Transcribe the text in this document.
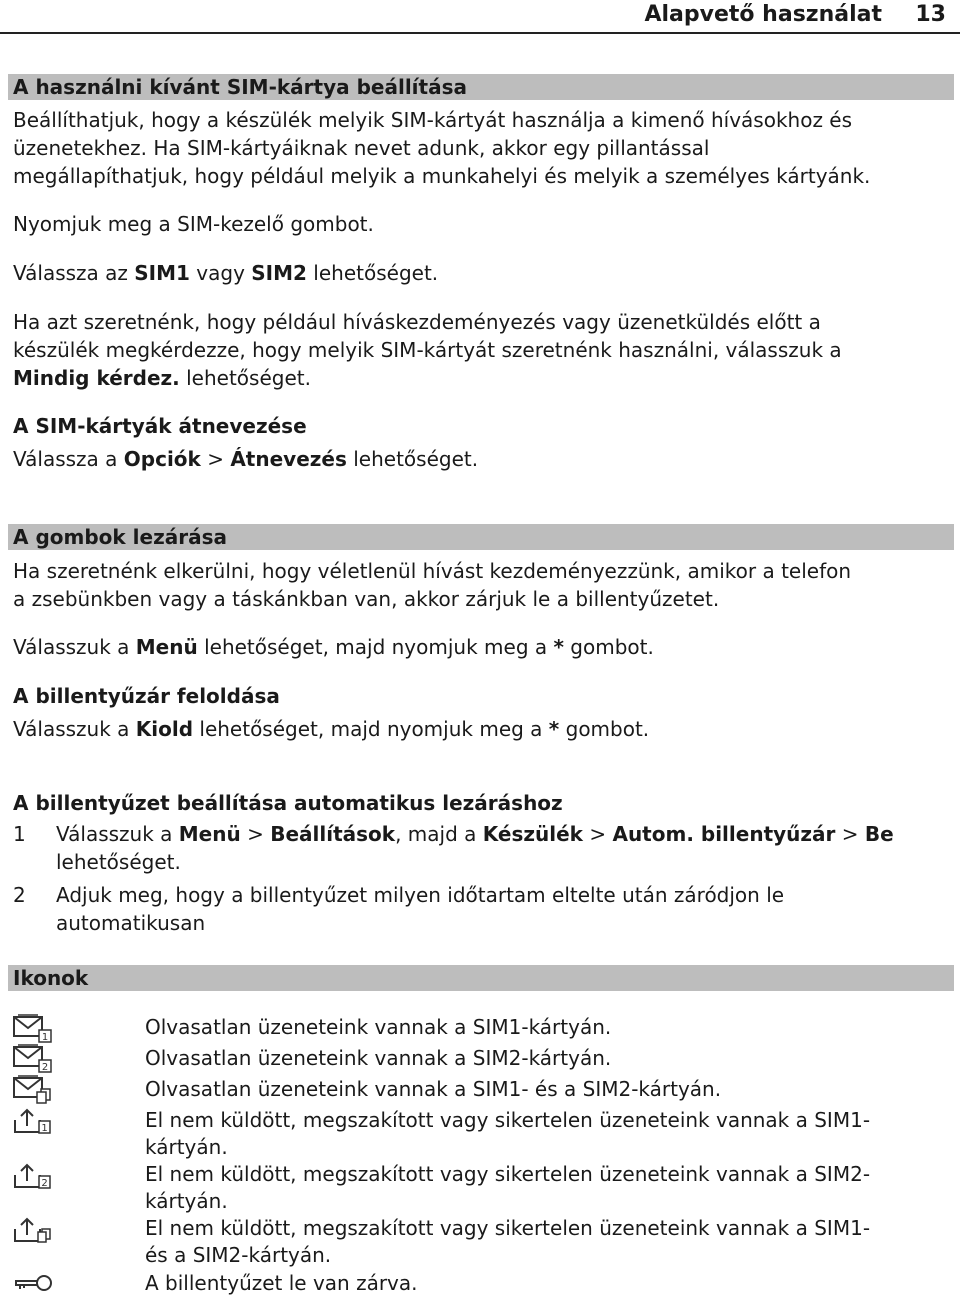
Alapvető használat 13
A használni kívánt SIM-kártya beállítása
Beállíthatjuk, hogy a készülék melyik SIM-kártyát használja a kimenő hívásokhoz és
üzenetekhez. Ha SIM-kártyáiknak nevet adunk, akkor egy pillantással
megállapíthatjuk, hogy például melyik a munkahelyi és melyik a személyes kártyánk.
Nyomjuk meg a SIM-kezelő gombot.
Válassza az SIM1 vagy SIM2 lehetőséget.
Ha azt szeretnénk, hogy például híváskezdeményezés vagy üzenetküldés előtt a
készülék megkérdezze, hogy melyik SIM-kártyát szeretnénk használni, válasszuk a
Mindig kérdez. lehetőséget.
A SIM-kártyák átnevezése
Válassza a Opciók > Átnevezés lehetőséget.
A gombok lezárása
Ha szeretnénk elkerülni, hogy véletlenül hívást kezdeményezzünk, amikor a telefon
a zsebünkben vagy a táskánkban van, akkor zárjuk le a billentyűzetet.
Válasszuk a Menü lehetőséget, majd nyomjuk meg a * gombot.
A billentyűzár feloldása
Válasszuk a Kiold lehetőséget, majd nyomjuk meg a * gombot.
A billentyűzet beállítása automatikus lezáráshoz
1 Válasszuk a Menü > Beállítások, majd a Készülék > Autom. billentyűzár > Be
lehetőséget.
2 Adjuk meg, hogy a billentyűzet milyen időtartam eltelte után záródjon le
automatikusan
Ikonok
1	Olvasatlan üzeneteink vannak a SIM1-kártyán.
2	Olvasatlan üzeneteink vannak a SIM2-kártyán.
Olvasatlan üzeneteink vannak a SIM1- és a SIM2-kártyán.
1	El nem küldött, megszakított vagy sikertelen üzeneteink vannak a SIM1-
kártyán.
2	El nem küldött, megszakított vagy sikertelen üzeneteink vannak a SIM2-
kártyán.
El nem küldött, megszakított vagy sikertelen üzeneteink vannak a SIM1-
és a SIM2-kártyán.
A billentyűzet le van zárva.
